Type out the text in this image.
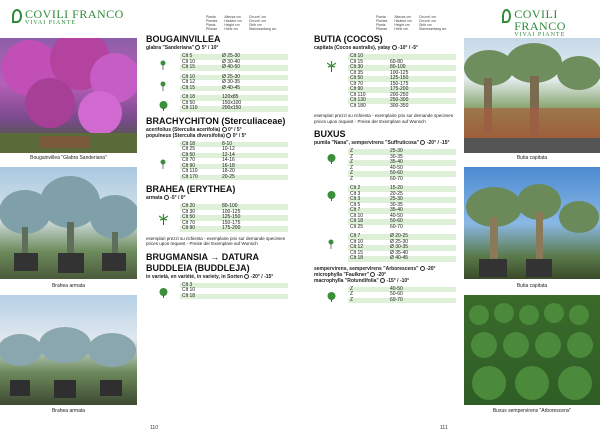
COVILI FRANCO
VIVAI PIANTE
Pianta
Plantes
Plants
Pflanze
Altezza cm
Hauteur cm
Height cm
Höhe cm
Circonf. cm
Circonf. cm
Girth cm
Stammumfang cm
Bougainvillea "Glabra Sanderiana"
Brahea armata
Brahea armata
110
BOUGAINVILLEA
glabra "Sanderiana" 5° / 10°
Clt 5	Ø 25-30
Clt 10	Ø 30-40
Clt 15	Ø 40-50
Clt 10	Ø 25-30
Clt 12	Ø 30-35
Clt 15	Ø 40-45
Clt 18	120x85
Clt 50	150x100
Clt 110	200x150
BRACHYCHITON (Sterculiaceae)
acerifolius (Sterculia acerifolia) 0° / 5°
populneus (Sterculia diversifolia) 0° / 5°
Clt 18	8-10
Clt 25	10-12
Clt 50	12-14
Clt 70	14-16
Clt 90	16-18
Clt 110	18-20
Clt 170	20-25
BRAHEA (ERYTHEA)
armata -5° / 0°
Clt 20	80-100
Clt 30	100-125
Clt 50	125-150
Clt 70	150-175
Clt 90	175-200
esemplari prezzi su richiesta - exemplaire prix sur demande specimen prices upon request - Preise der Exemplare auf Wunsch
BRUGMANSIA → DATURA
BUDDLEIA (BUDDLEJA)
in varietà, en variété, in variety, in Sorten -20° / -15°
Clt 3	
Clt 10	
Clt 18	
Pianta
Plantes
Plants
Pflanze
Altezza cm
Hauteur cm
Height cm
Höhe cm
Circonf. cm
Circonf. cm
Girth cm
Stammumfang cm
COVILI FRANCO
VIVAI PIANTE
Butia capitata
Butia capitata
Buxus sempervirens "Arborescens"
111
BUTIA (COCOS)
capitata (Cocos australis), yatay -10° / -5°
Clt 10	
Clt 15	60-80
Clt 30	80-100
Clt 35	100-125
Clt 50	125-150
Clt 70	150-175
Clt 90	175-200
Clt 110	200-250
Clt 130	250-300
Clt 180	300-350
esemplari prezzi su richiesta - exemplaire prix sur demande specimen prices upon request - Preise der Exemplare auf Wunsch
BUXUS
pumila "Nana", sempervirens "Suffruticosa" -20° / -15°
Z	25-30
Z	30-35
Z	35-40
Z	40-50
Z	50-60
Z	60-70
Clt 2	15-20
Clt 3	20-25
Clt 3	25-30
Clt 5	30-35
Clt 7	35-40
Clt 10	40-50
Clt 18	50-60
Clt 25	60-70
Clt 7	Ø 20-25
Clt 10	Ø 25-30
Clt 12	Ø 30-35
Clt 15	Ø 35-40
Clt 18	Ø 40-45
sempervirens, sempervirens "Arborescens" -20°
microphylla "Faulkner" -20°
macrophylla "Rotundifolia" -15° / -10°
Z	40-50
Z	50-60
Z	60-70
